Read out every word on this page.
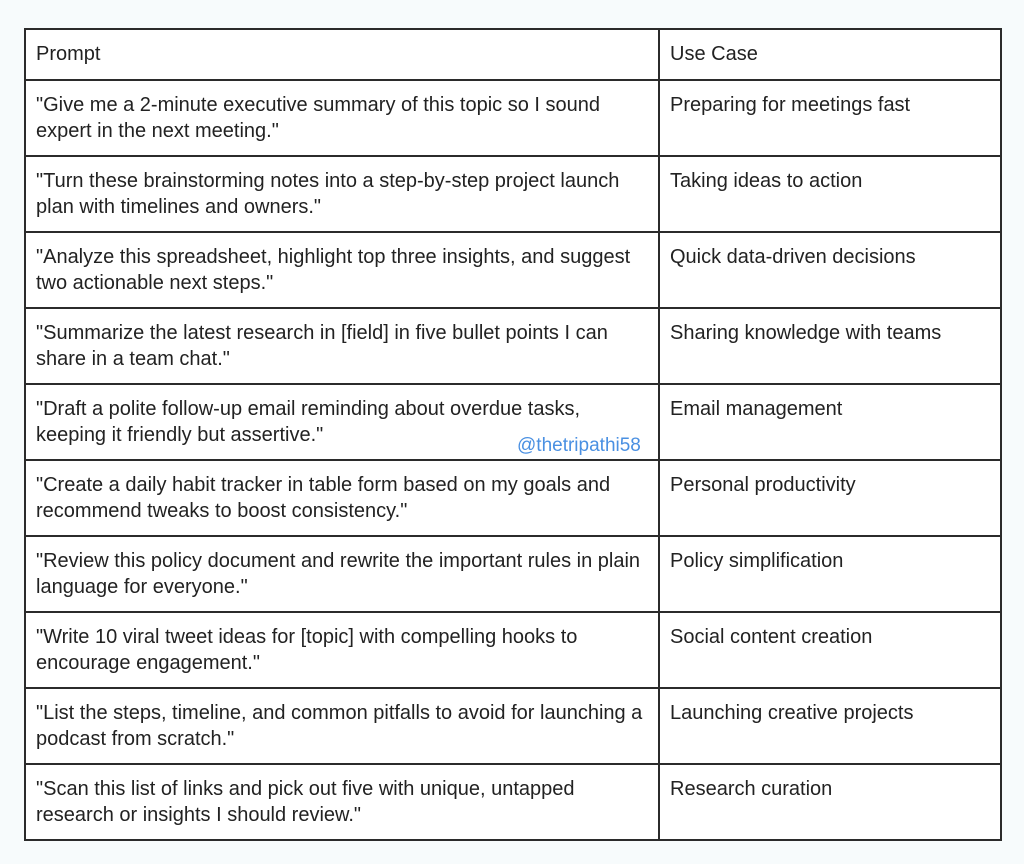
Prompt	Use Case
"Give me a 2-minute executive summary of this topic so I sound expert in the next meeting."	Preparing for meetings fast
"Turn these brainstorming notes into a step-by-step project launch plan with timelines and owners."	Taking ideas to action
"Analyze this spreadsheet, highlight top three insights, and suggest two actionable next steps."	Quick data-driven decisions
"Summarize the latest research in [field] in five bullet points I can share in a team chat."	Sharing knowledge with teams
"Draft a polite follow-up email reminding about overdue tasks, keeping it friendly but assertive."	Email management
"Create a daily habit tracker in table form based on my goals and recommend tweaks to boost consistency."	Personal productivity
"Review this policy document and rewrite the important rules in plain language for everyone."	Policy simplification
"Write 10 viral tweet ideas for [topic] with compelling hooks to encourage engagement."	Social content creation
"List the steps, timeline, and common pitfalls to avoid for launching a podcast from scratch."	Launching creative projects
"Scan this list of links and pick out five with unique, untapped research or insights I should review."	Research curation
@thetripathi58
